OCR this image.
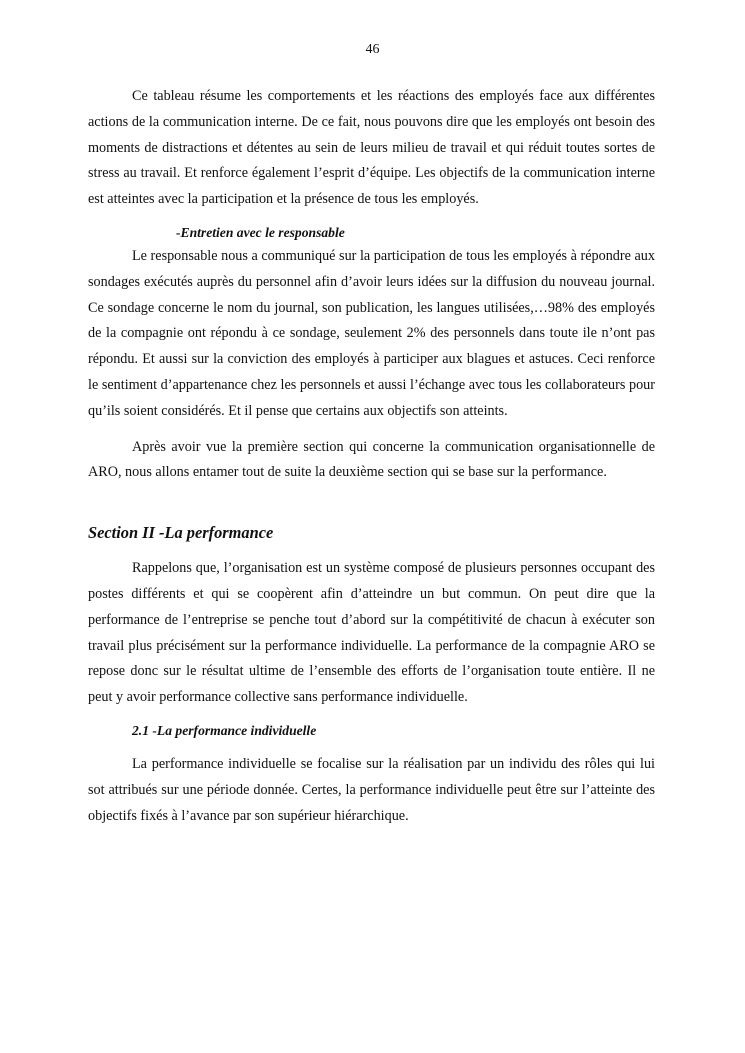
46

Ce tableau résume les comportements et les réactions des employés face aux différentes actions de la communication interne. De ce fait, nous pouvons dire que les employés ont besoin des moments de distractions et détentes au sein de leurs milieu de travail et qui réduit toutes sortes de stress au travail. Et renforce également l’esprit d’équipe. Les objectifs de la communication interne est atteintes avec la participation et la présence de tous les employés.

-Entretien avec le responsable

Le responsable nous a communiqué sur la participation de tous les employés à répondre aux sondages exécutés auprès du personnel afin d’avoir leurs idées sur la diffusion du nouveau journal. Ce sondage concerne le nom du journal, son publication, les langues utilisées,…98% des employés de la compagnie ont répondu à ce sondage, seulement 2% des personnels dans toute ile n’ont pas répondu. Et aussi sur la conviction des employés à participer aux blagues et astuces. Ceci renforce le sentiment d’appartenance chez les personnels et aussi l’échange avec tous les collaborateurs pour qu’ils soient considérés. Et il pense que certains aux objectifs son atteints.

Après avoir vue la première section qui concerne la communication organisationnelle de ARO, nous allons entamer tout de suite la deuxième section qui se base sur la performance.

Section II -La performance

Rappelons que, l’organisation est un système composé de plusieurs personnes occupant des postes différents et qui se coopèrent afin d’atteindre un but commun. On peut dire que la performance de l’entreprise se penche tout d’abord sur la compétitivité de chacun à exécuter son travail plus précisément sur la performance individuelle. La performance de la compagnie ARO se repose donc sur le résultat ultime de l’ensemble des efforts de l’organisation toute entière. Il ne peut y avoir performance collective sans performance individuelle.

2.1 -La performance individuelle

La performance individuelle se focalise sur la réalisation par un individu des rôles qui lui sot attribués sur une période donnée. Certes, la performance individuelle peut être sur l’atteinte des objectifs fixés à l’avance par son supérieur hiérarchique.
